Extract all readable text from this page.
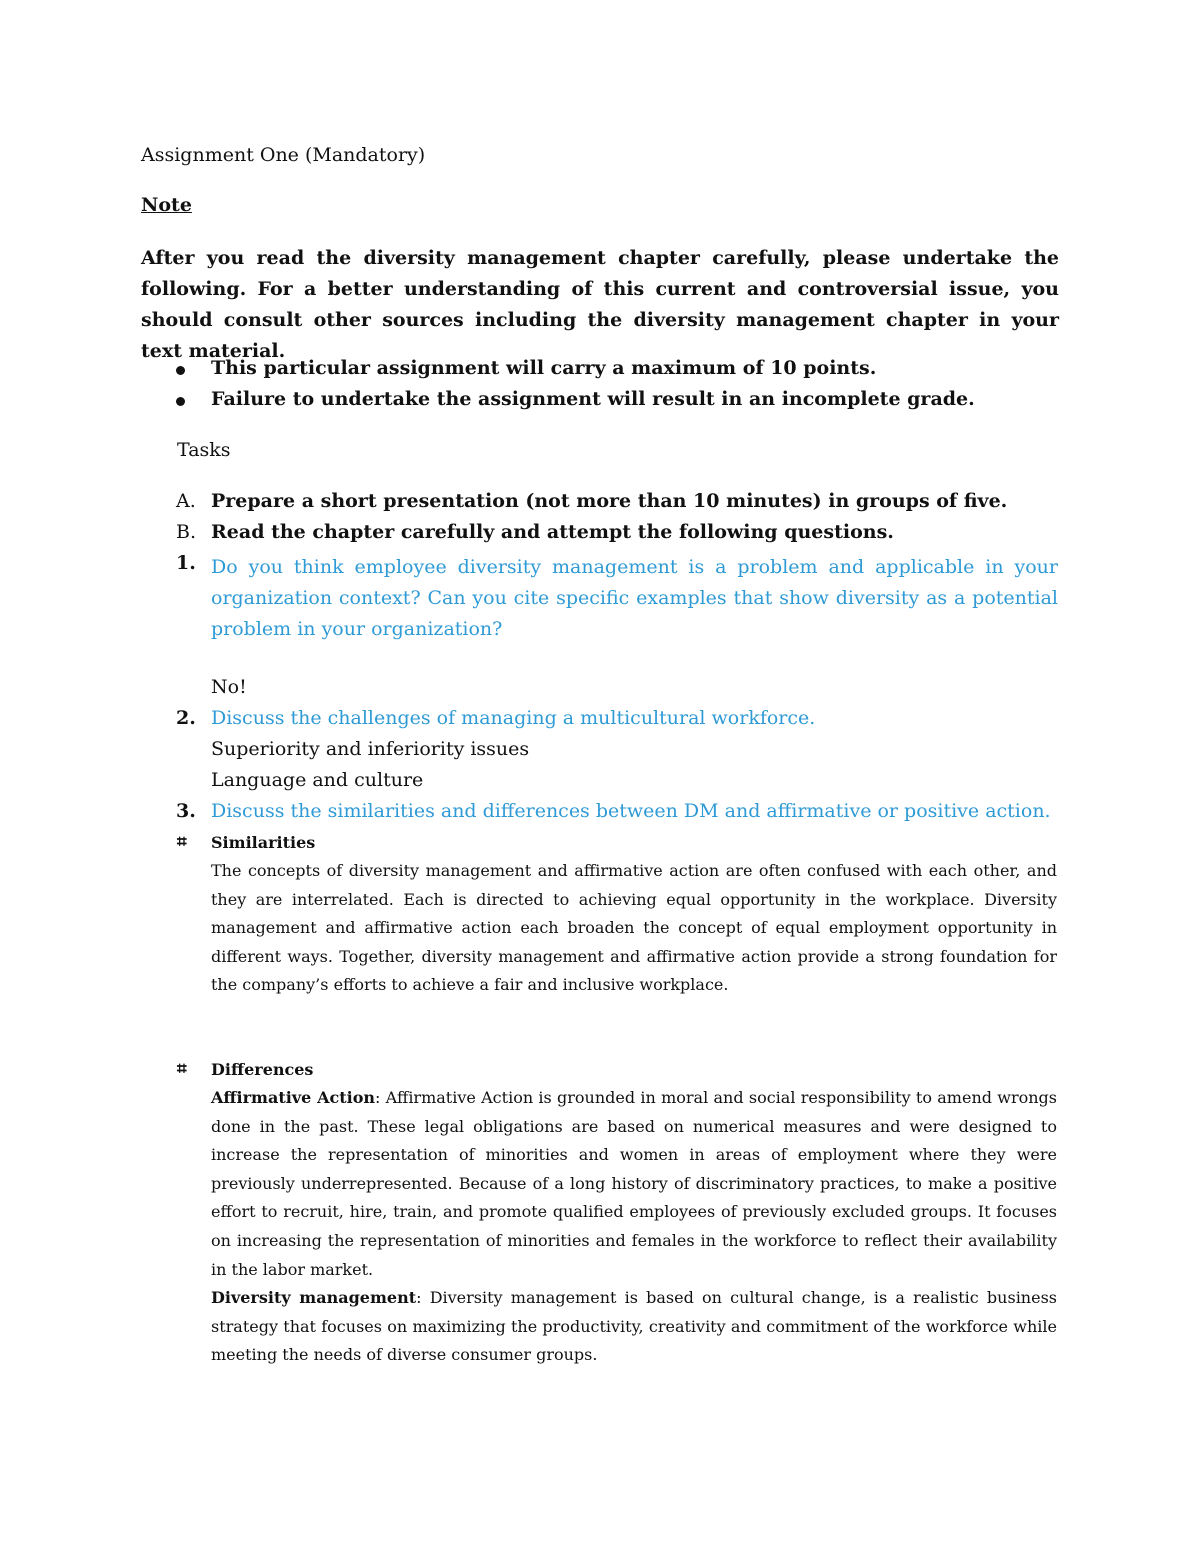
Assignment One (Mandatory)
Note
After you read the diversity management chapter carefully, please undertake the following. For a better understanding of this current and controversial issue, you should consult other sources including the diversity management chapter in your text material.
This particular assignment will carry a maximum of 10 points.
Failure to undertake the assignment will result in an incomplete grade.
Tasks
A. Prepare a short presentation (not more than 10 minutes) in groups of five.
B. Read the chapter carefully and attempt the following questions.
1. Do you think employee diversity management is a problem and applicable in your organization context? Can you cite specific examples that show diversity as a potential problem in your organization?
No!
2. Discuss the challenges of managing a multicultural workforce.
Superiority and inferiority issues
Language and culture
3. Discuss the similarities and differences between DM and affirmative or positive action.
⌗ Similarities
The concepts of diversity management and affirmative action are often confused with each other, and they are interrelated. Each is directed to achieving equal opportunity in the workplace. Diversity management and affirmative action each broaden the concept of equal employment opportunity in different ways. Together, diversity management and affirmative action provide a strong foundation for the company’s efforts to achieve a fair and inclusive workplace.
⌗ Differences
Affirmative Action: Affirmative Action is grounded in moral and social responsibility to amend wrongs done in the past. These legal obligations are based on numerical measures and were designed to increase the representation of minorities and women in areas of employment where they were previously underrepresented. Because of a long history of discriminatory practices, to make a positive effort to recruit, hire, train, and promote qualified employees of previously excluded groups. It focuses on increasing the representation of minorities and females in the workforce to reflect their availability in the labor market.
Diversity management: Diversity management is based on cultural change, is a realistic business strategy that focuses on maximizing the productivity, creativity and commitment of the workforce while meeting the needs of diverse consumer groups.
